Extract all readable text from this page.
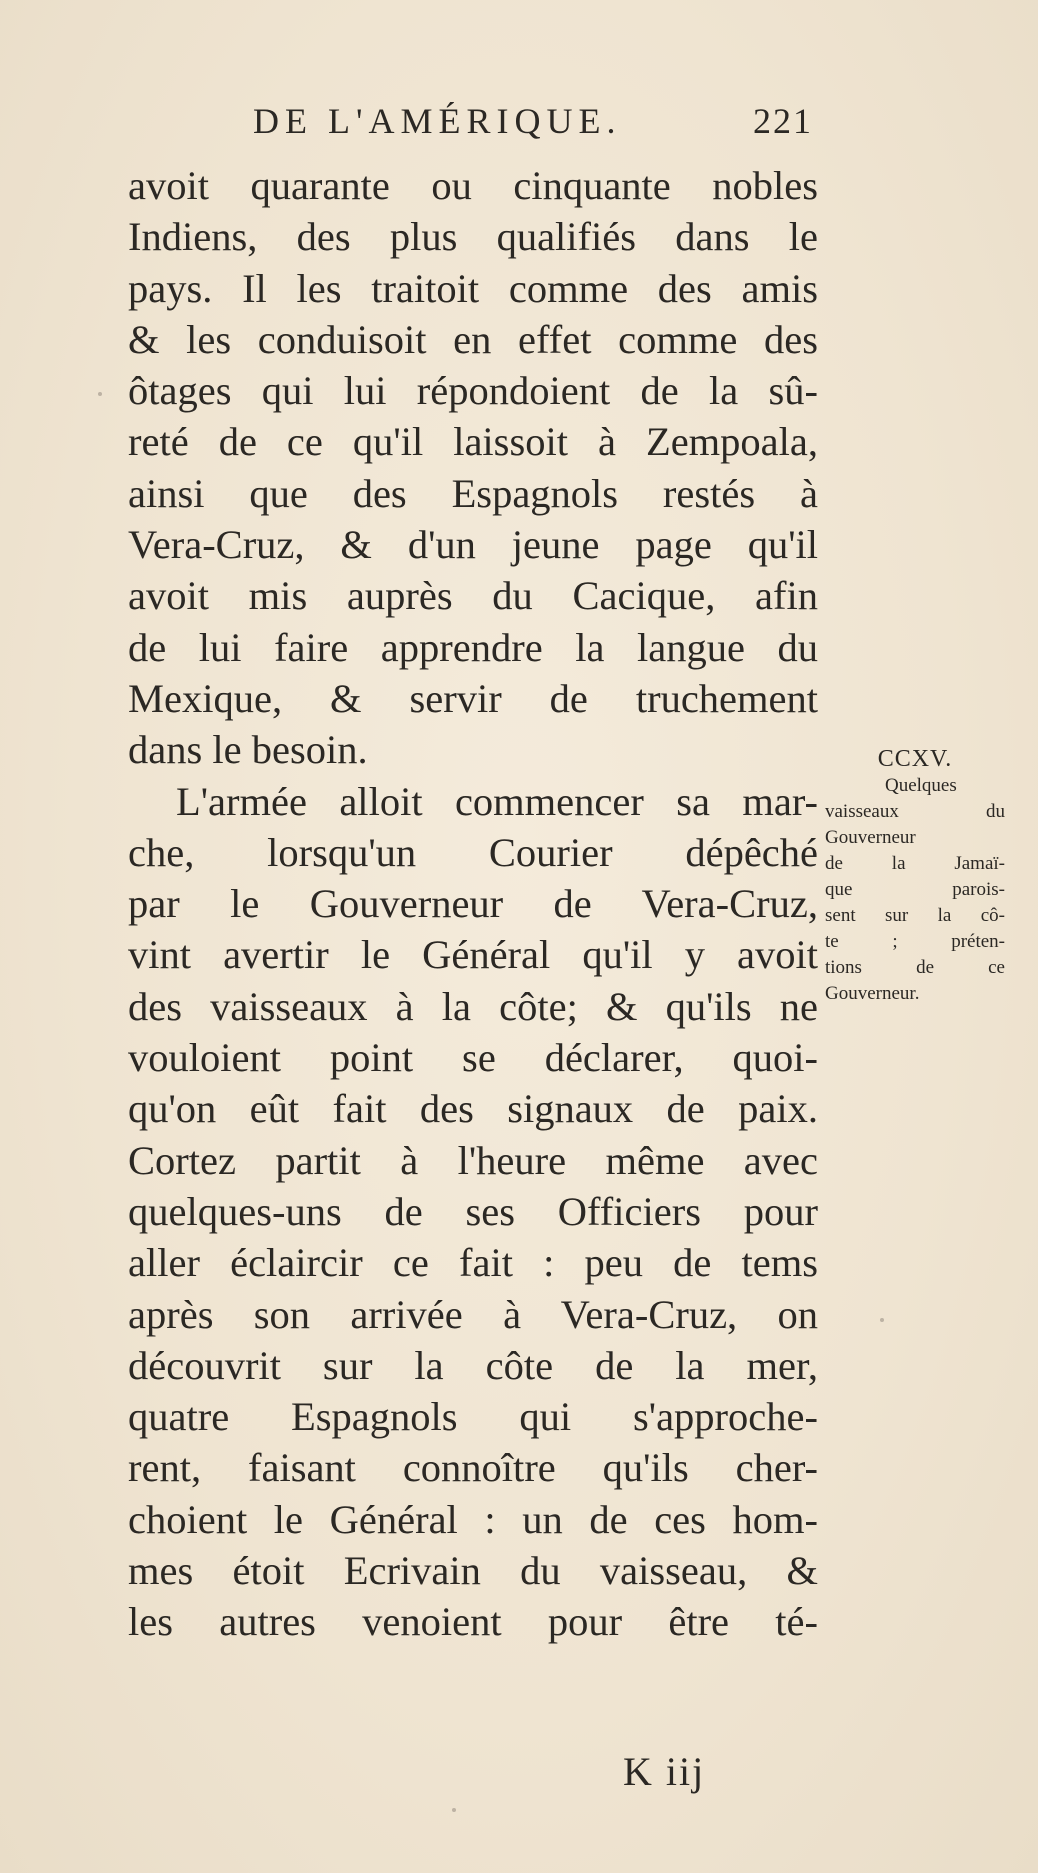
DE L'AMÉRIQUE.	221
avoit quarante ou cinquante nobles
Indiens, des plus qualifiés dans le
pays. Il les traitoit comme des amis
& les conduisoit en effet comme des
ôtages qui lui répondoient de la sû-
reté de ce qu'il laissoit à Zempoala,
ainsi que des Espagnols restés à
Vera-Cruz, & d'un jeune page qu'il
avoit mis auprès du Cacique, afin
de lui faire apprendre la langue du
Mexique, & servir de truchement
dans le besoin.
L'armée alloit commencer sa mar-
che, lorsqu'un Courier dépêché
par le Gouverneur de Vera-Cruz,
vint avertir le Général qu'il y avoit
des vaisseaux à la côte; & qu'ils ne
vouloient point se déclarer, quoi-
qu'on eût fait des signaux de paix.
Cortez partit à l'heure même avec
quelques-uns de ses Officiers pour
aller éclaircir ce fait : peu de tems
après son arrivée à Vera-Cruz, on
découvrit sur la côte de la mer,
quatre Espagnols qui s'approche-
rent, faisant connoître qu'ils cher-
choient le Général : un de ces hom-
mes étoit Ecrivain du vaisseau, &
les autres venoient pour être té-
CCXV.
Quelques
vaisseaux du
Gouverneur
de la Jamaï-
que parois-
sent sur la cô-
te ; préten-
tions de ce
Gouverneur.
K iij
